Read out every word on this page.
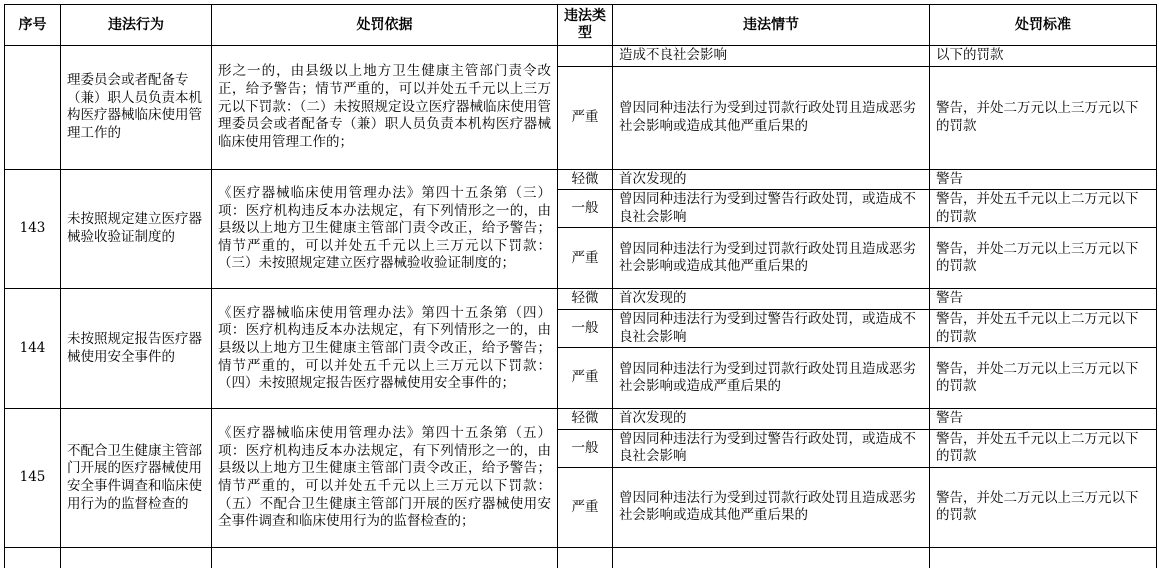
序号	违法行为	处罚依据	违法类型	违法情节	处罚标准
	理委员会或者配备专（兼）职人员负责本机构医疗器械临床使用管理工作的	形之一的，由县级以上地方卫生健康主管部门责令改正，给予警告；情节严重的，可以并处五千元以上三万元以下罚款：（二）未按照规定设立医疗器械临床使用管理委员会或者配备专（兼）职人员负责本机构医疗器械临床使用管理工作的；		造成不良社会影响	以下的罚款
			严重	曾因同种违法行为受到过罚款行政处罚且造成恶劣社会影响或造成其他严重后果的	警告，并处二万元以上三万元以下的罚款
143	未按照规定建立医疗器械验收验证制度的	《医疗器械临床使用管理办法》第四十五条第（三）项：医疗机构违反本办法规定，有下列情形之一的，由县级以上地方卫生健康主管部门责令改正，给予警告；情节严重的，可以并处五千元以上三万元以下罚款：（三）未按照规定建立医疗器械验收验证制度的；	轻微	首次发现的	警告
			一般	曾因同种违法行为受到过警告行政处罚，或造成不良社会影响	警告，并处五千元以上二万元以下的罚款
			严重	曾因同种违法行为受到过罚款行政处罚且造成恶劣社会影响或造成其他严重后果的	警告，并处二万元以上三万元以下的罚款
144	未按照规定报告医疗器械使用安全事件的	《医疗器械临床使用管理办法》第四十五条第（四）项：医疗机构违反本办法规定，有下列情形之一的，由县级以上地方卫生健康主管部门责令改正，给予警告；情节严重的，可以并处五千元以上三万元以下罚款：（四）未按照规定报告医疗器械使用安全事件的；	轻微	首次发现的	警告
			一般	曾因同种违法行为受到过警告行政处罚，或造成不良社会影响	警告，并处五千元以上二万元以下的罚款
			严重	曾因同种违法行为受到过罚款行政处罚且造成恶劣社会影响或造成严重后果的	警告，并处二万元以上三万元以下的罚款
145	不配合卫生健康主管部门开展的医疗器械使用安全事件调查和临床使用行为的监督检查的	《医疗器械临床使用管理办法》第四十五条第（五）项：医疗机构违反本办法规定，有下列情形之一的，由县级以上地方卫生健康主管部门责令改正，给予警告；情节严重的，可以并处五千元以上三万元以下罚款：（五）不配合卫生健康主管部门开展的医疗器械使用安全事件调查和临床使用行为的监督检查的；	轻微	首次发现的	警告
			一般	曾因同种违法行为受到过警告行政处罚，或造成不良社会影响	警告，并处五千元以上二万元以下的罚款
			严重	曾因同种违法行为受到过罚款行政处罚且造成恶劣社会影响或造成其他严重后果的	警告，并处二万元以上三万元以下的罚款
